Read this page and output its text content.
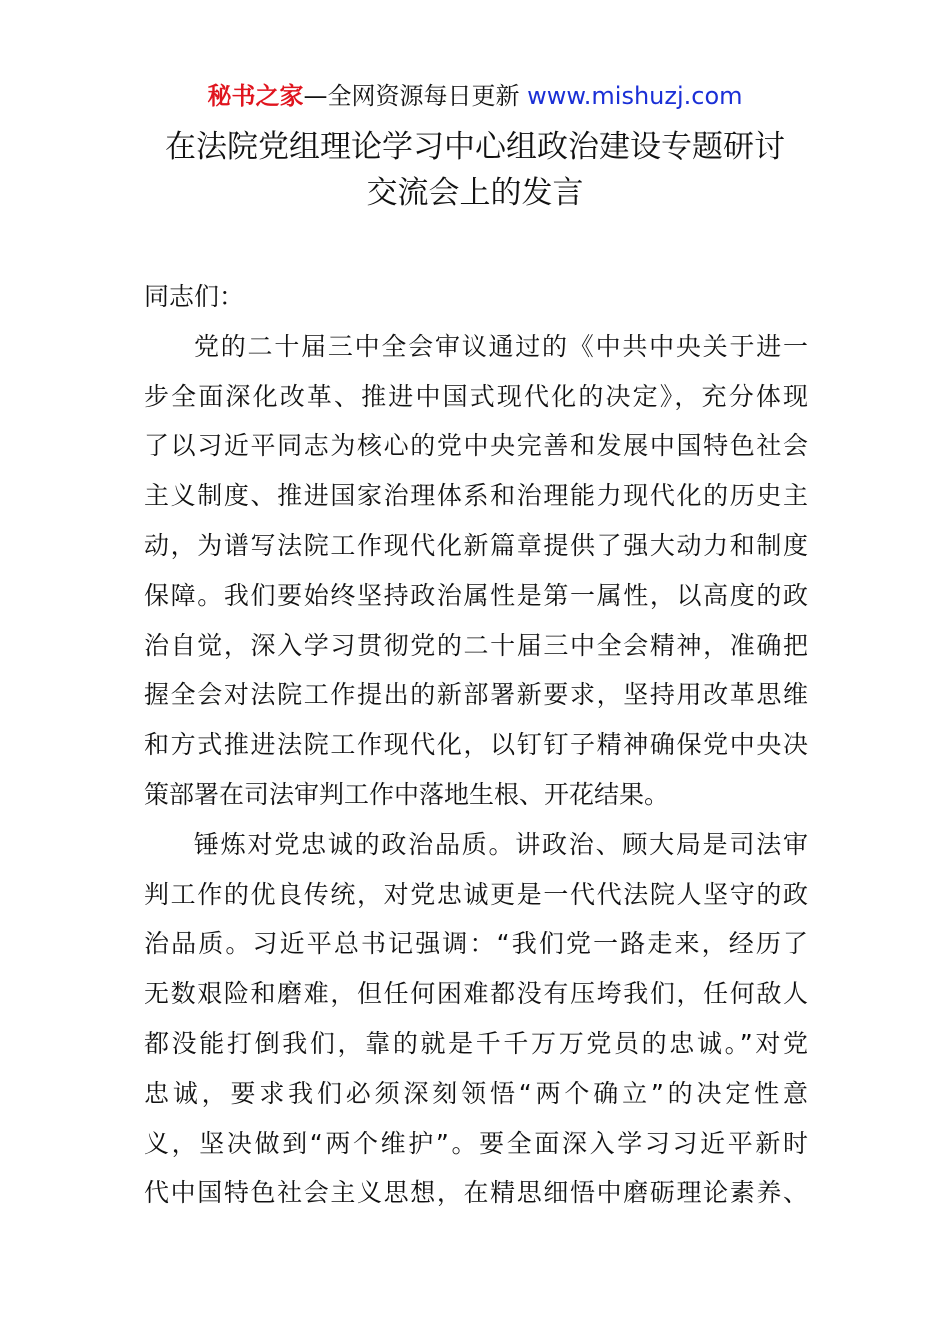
秘书之家—全网资源每日更新 www.mishuzj.com
在法院党组理论学习中心组政治建设专题研讨
交流会上的发言
同志们：
党的二十届三中全会审议通过的《中共中央关于进一
步全面深化改革、推进中国式现代化的决定》，充分体现
了以习近平同志为核心的党中央完善和发展中国特色社会
主义制度、推进国家治理体系和治理能力现代化的历史主
动，为谱写法院工作现代化新篇章提供了强大动力和制度
保障。我们要始终坚持政治属性是第一属性，以高度的政
治自觉，深入学习贯彻党的二十届三中全会精神，准确把
握全会对法院工作提出的新部署新要求，坚持用改革思维
和方式推进法院工作现代化，以钉钉子精神确保党中央决
策部署在司法审判工作中落地生根、开花结果。
锤炼对党忠诚的政治品质。讲政治、顾大局是司法审
判工作的优良传统，对党忠诚更是一代代法院人坚守的政
治品质。习近平总书记强调：“我们党一路走来，经历了
无数艰险和磨难，但任何困难都没有压垮我们，任何敌人
都没能打倒我们，靠的就是千千万万党员的忠诚。”对党
忠诚，要求我们必须深刻领悟“两个确立”的决定性意
义，坚决做到“两个维护”。要全面深入学习习近平新时
代中国特色社会主义思想，在精思细悟中磨砺理论素养、
